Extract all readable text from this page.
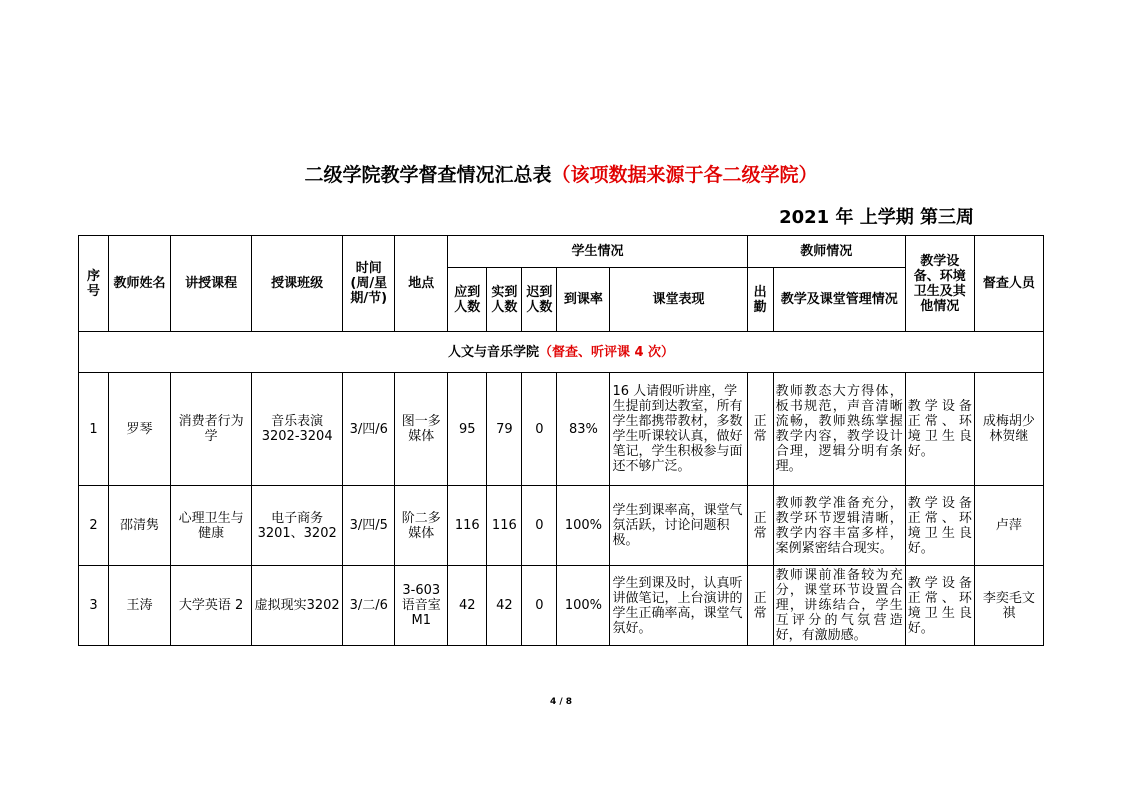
二级学院教学督查情况汇总表（该项数据来源于各二级学院）
2021 年 上学期 第三周
序号	教师姓名	讲授课程	授课班级	时间(周/星期/节)	地点	学生情况					教师情况		教学设备、环境卫生及其他情况	督查人员
						应到人数	实到人数	迟到人数	到课率	课堂表现	出勤	教学及课堂管理情况		
人文与音乐学院（督查、听评课 4 次）														
1	罗琴	消费者行为学	音乐表演3202-3204	3/四/6	图一多媒体	95	79	0	83%	16 人请假听讲座，学生提前到达教室，所有学生都携带教材，多数学生听课较认真，做好笔记，学生积极参与面还不够广泛。	正常	教师教态大方得体，板书规范，声音清晰流畅，教师熟练掌握教学内容，教学设计合理，逻辑分明有条理。	教学设备正常、环境卫生良好。	成梅胡少林贺继
2	邵清隽	心理卫生与健康	电子商务3201、3202	3/四/5	阶二多媒体	116	116	0	100%	学生到课率高，课堂气氛活跃，讨论问题积极。	正常	教师教学准备充分，教学环节逻辑清晰，教学内容丰富多样，案例紧密结合现实。	教学设备正常、环境卫生良好。	卢萍
3	王涛	大学英语 2	虚拟现实3202	3/二/6	3-603 语音室 M1	42	42	0	100%	学生到课及时，认真听讲做笔记，上台演讲的学生正确率高，课堂气氛好。	正常	教师课前准备较为充分，课堂环节设置合理，讲练结合，学生互评分的气氛营造好，有激励感。	教学设备正常、环境卫生良好。	李奕毛文祺
4 / 8
